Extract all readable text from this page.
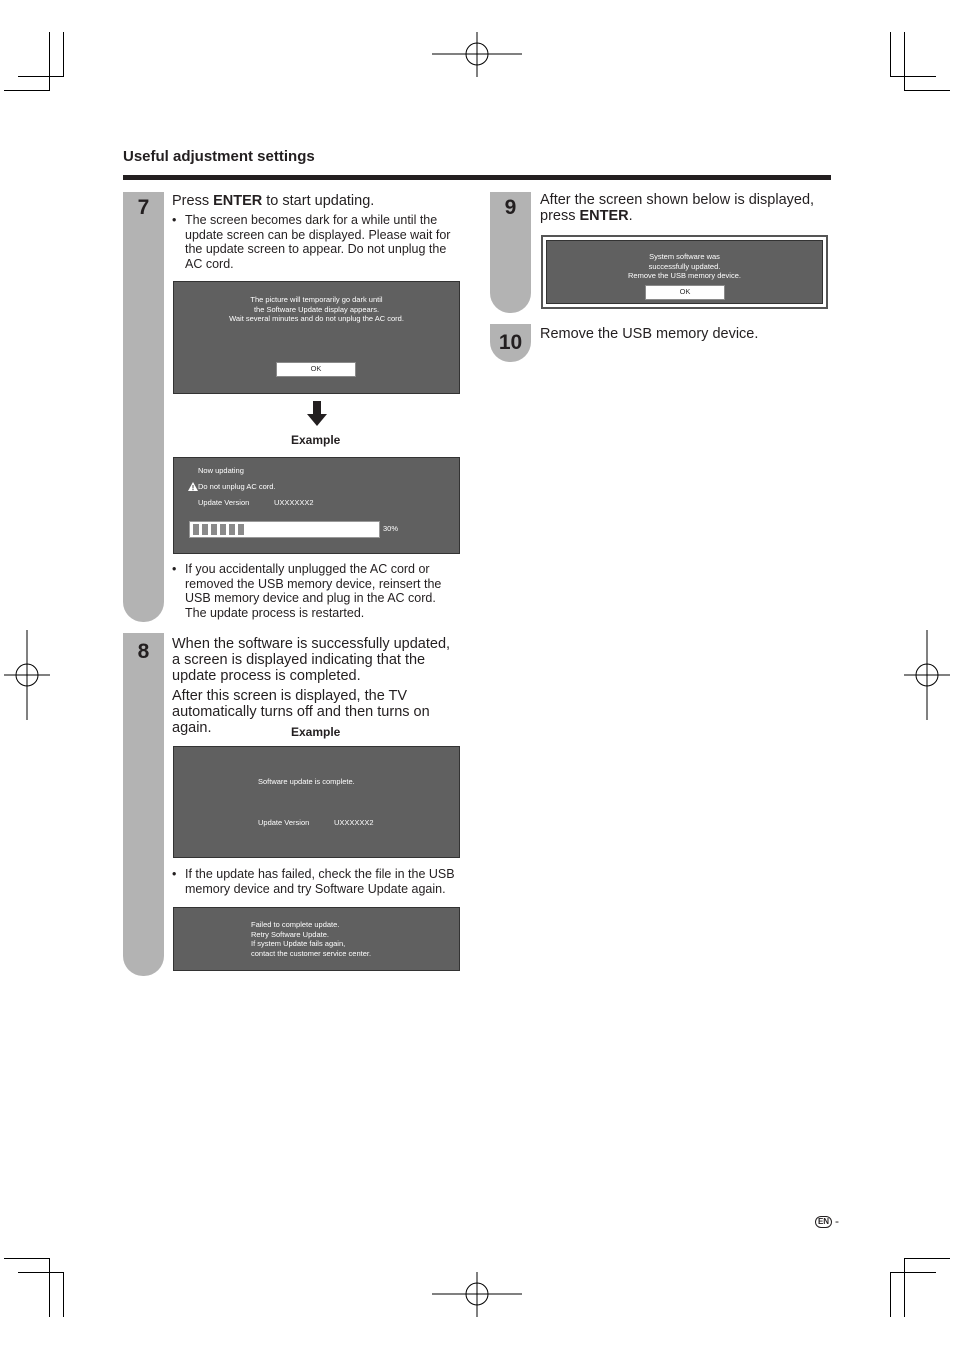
Useful adjustment settings
7	Press ENTER to start updating.
• The screen becomes dark for a while until the update screen can be displayed. Please wait for the update screen to appear. Do not unplug the AC cord.
The picture will temporarily go dark until
the Software Update display appears.
Wait several minutes and do not unplug the AC cord.
OK
Example
Now updating
Do not unplug AC cord.
Update Version	UXXXXXX2
30%
• If you accidentally unplugged the AC cord or removed the USB memory device, reinsert the USB memory device and plug in the AC cord. The update process is restarted.
8	When the software is successfully updated, a screen is displayed indicating that the update process is completed.
After this screen is displayed, the TV automatically turns off and then turns on again.	Example
Software update is complete.
Update Version	UXXXXXX2
• If the update has failed, check the file in the USB memory device and try Software Update again.
Failed to complete update.
Retry Software Update.
If system Update fails again,
contact the customer service center.
9	After the screen shown below is displayed, press ENTER.
System software was
successfully updated.
Remove the USB memory device.
OK
10	Remove the USB memory device.
EN -
